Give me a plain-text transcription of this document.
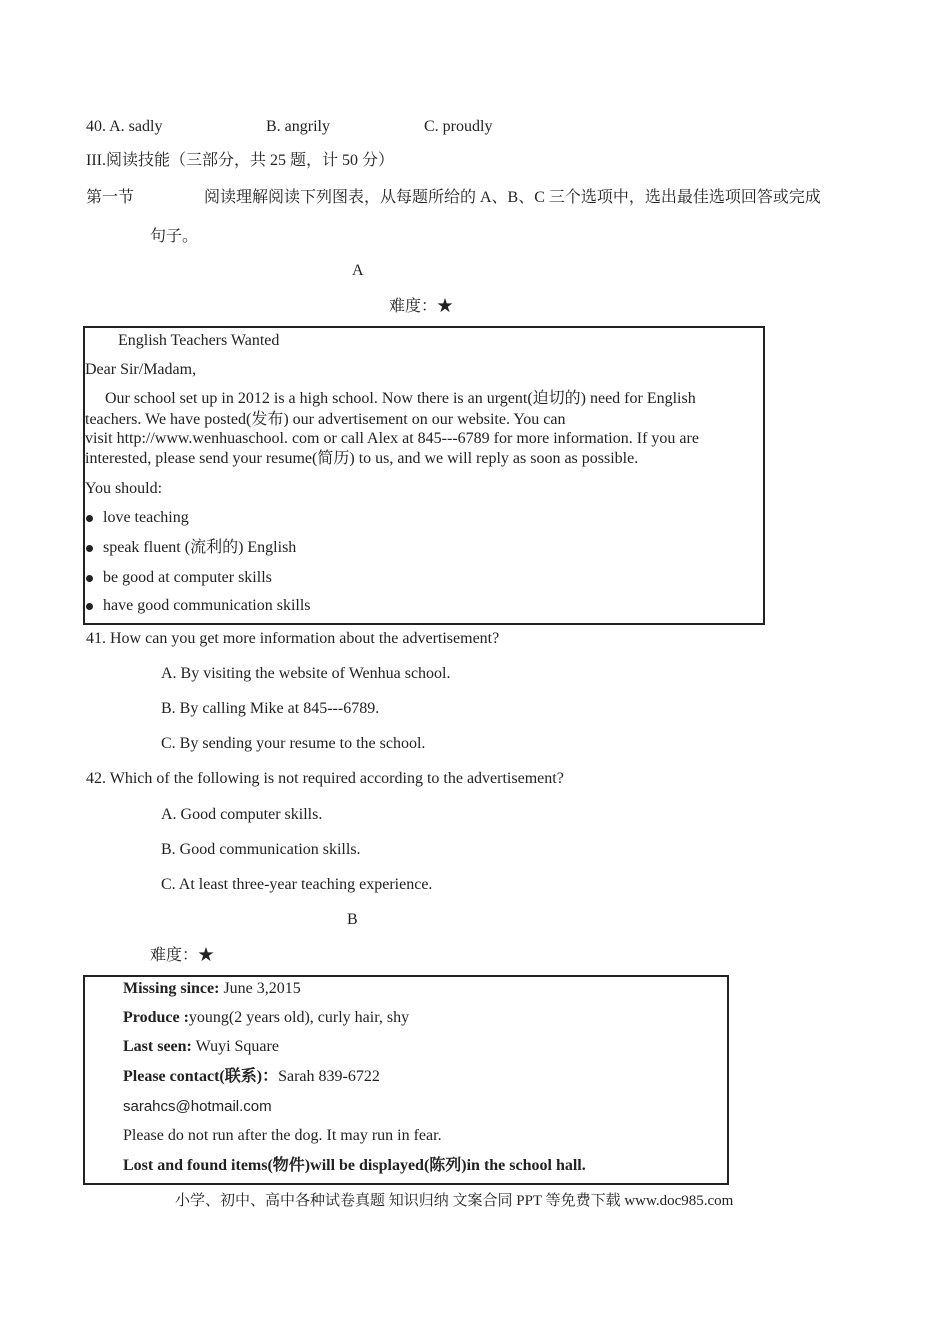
40. A. sadly	B. angrily	C. proudly
III.阅读技能（三部分，共 25 题，计 50 分）
第一节	阅读理解阅读下列图表，从每题所给的 A、B、C 三个选项中，选出最佳选项回答或完成
句子。
A
难度：★
English Teachers Wanted
Dear Sir/Madam,
Our school set up in 2012 is a high school. Now there is an urgent(迫切的) need for English
teachers. We have posted(发布) our advertisement on our website. You can
visit http://www.wenhuaschool. com or call Alex at 845---6789 for more information. If you are
interested, please send your resume(简历) to us, and we will reply as soon as possible.
You should:
love teaching
speak fluent (流利的) English
be good at computer skills
have good communication skills
41. How can you get more information about the advertisement?
A. By visiting the website of Wenhua school.
B. By calling Mike at 845---6789.
C. By sending your resume to the school.
42. Which of the following is not required according to the advertisement?
A. Good computer skills.
B. Good communication skills.
C. At least three-year teaching experience.
B
难度：★
Missing since: June 3,2015
Produce :young(2 years old), curly hair, shy
Last seen: Wuyi Square
Please contact(联系)：Sarah 839-6722
sarahcs@hotmail.com
Please do not run after the dog. It may run in fear.
Lost and found items(物件)will be displayed(陈列)in the school hall.
小学、初中、高中各种试卷真题 知识归纳 文案合同 PPT 等免费下载 www.doc985.com
